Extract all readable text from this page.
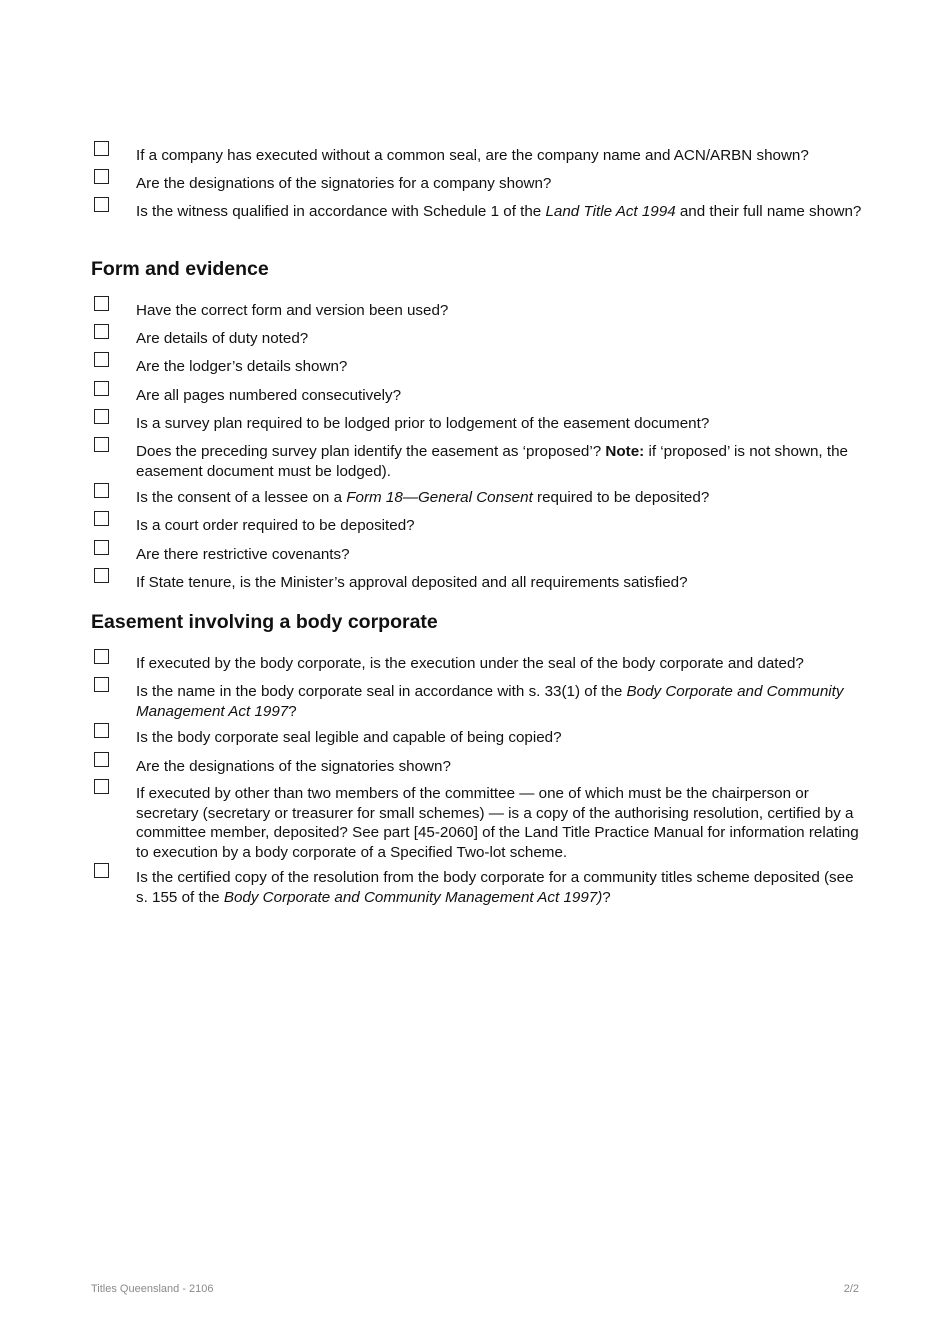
If a company has executed without a common seal, are the company name and ACN/ARBN shown?
Are the designations of the signatories for a company shown?
Is the witness qualified in accordance with Schedule 1 of the Land Title Act 1994 and their full name shown?
Form and evidence
Have the correct form and version been used?
Are details of duty noted?
Are the lodger’s details shown?
Are all pages numbered consecutively?
Is a survey plan required to be lodged prior to lodgement of the easement document?
Does the preceding survey plan identify the easement as ‘proposed’? Note: if ‘proposed’ is not shown, the easement document must be lodged).
Is the consent of a lessee on a Form 18—General Consent required to be deposited?
Is a court order required to be deposited?
Are there restrictive covenants?
If State tenure, is the Minister’s approval deposited and all requirements satisfied?
Easement involving a body corporate
If executed by the body corporate, is the execution under the seal of the body corporate and dated?
Is the name in the body corporate seal in accordance with s. 33(1) of the Body Corporate and Community Management Act 1997?
Is the body corporate seal legible and capable of being copied?
Are the designations of the signatories shown?
If executed by other than two members of the committee — one of which must be the chairperson or secretary (secretary or treasurer for small schemes) — is a copy of the authorising resolution, certified by a committee member, deposited? See part [45-2060] of the Land Title Practice Manual for information relating to execution by a body corporate of a Specified Two-lot scheme.
Is the certified copy of the resolution from the body corporate for a community titles scheme deposited (see s. 155 of the Body Corporate and Community Management Act 1997)?
Titles Queensland - 2106	2/2
